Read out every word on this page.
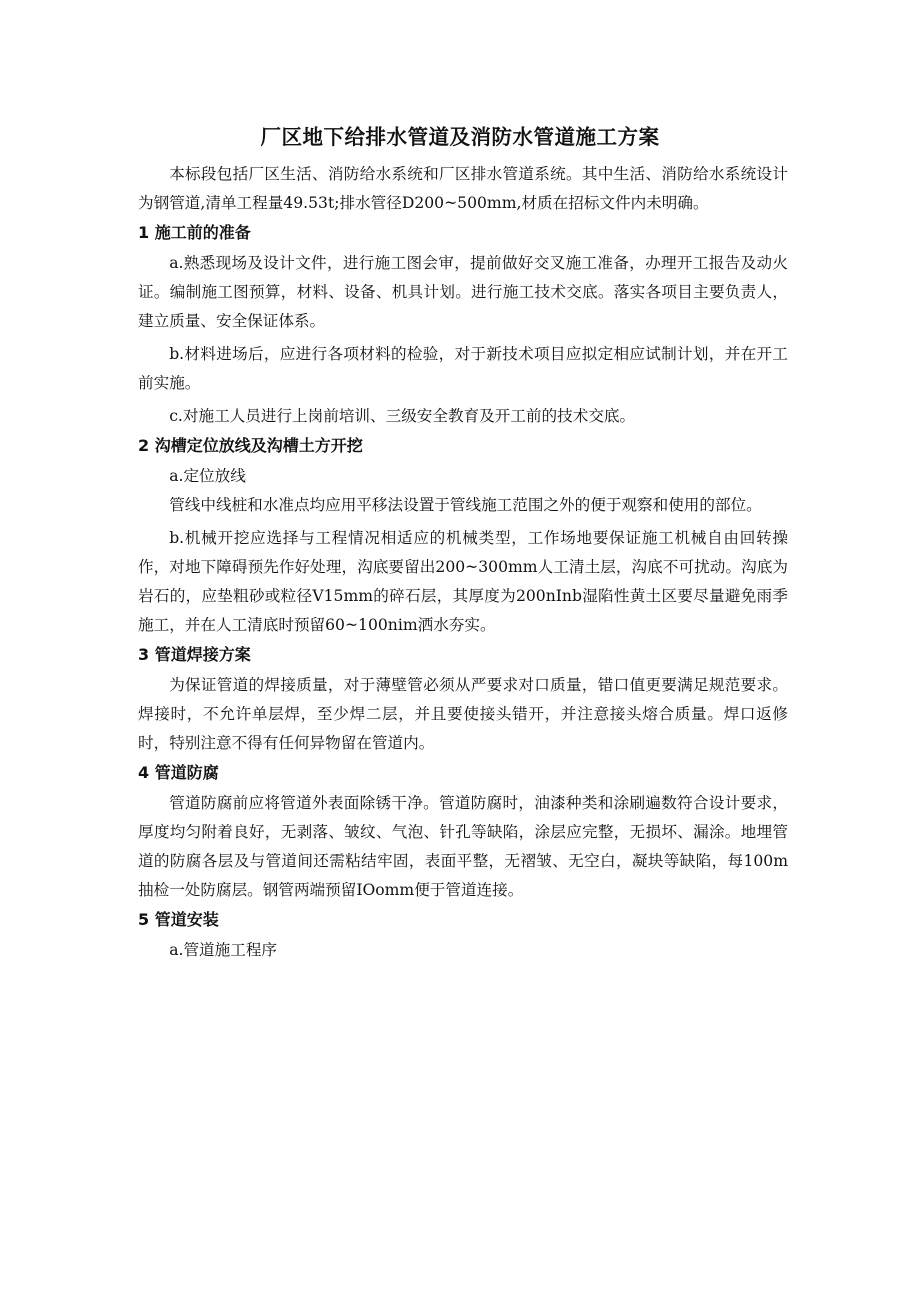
厂区地下给排水管道及消防水管道施工方案

本标段包括厂区生活、消防给水系统和厂区排水管道系统。其中生活、消防给水系统设计为钢管道,清单工程量49.53t;排水管径D200~500mm,材质在招标文件内未明确。

1 施工前的准备

a.熟悉现场及设计文件，进行施工图会审，提前做好交叉施工准备，办理开工报告及动火证。编制施工图预算，材料、设备、机具计划。进行施工技术交底。落实各项目主要负责人，建立质量、安全保证体系。

b.材料进场后，应进行各项材料的检验，对于新技术项目应拟定相应试制计划，并在开工前实施。

c.对施工人员进行上岗前培训、三级安全教育及开工前的技术交底。

2 沟槽定位放线及沟槽土方开挖

a.定位放线

管线中线桩和水准点均应用平移法设置于管线施工范围之外的便于观察和使用的部位。

b.机械开挖应选择与工程情况相适应的机械类型，工作场地要保证施工机械自由回转操作，对地下障碍预先作好处理，沟底要留出200~300mm人工清土层，沟底不可扰动。沟底为岩石的，应垫粗砂或粒径V15mm的碎石层，其厚度为200nInb湿陷性黄土区要尽量避免雨季施工，并在人工清底时预留60~100nim洒水夯实。

3 管道焊接方案

为保证管道的焊接质量，对于薄壁管必须从严要求对口质量，错口值更要满足规范要求。焊接时，不允许单层焊，至少焊二层，并且要使接头错开，并注意接头熔合质量。焊口返修时，特别注意不得有任何异物留在管道内。

4 管道防腐

管道防腐前应将管道外表面除锈干净。管道防腐时，油漆种类和涂刷遍数符合设计要求，厚度均匀附着良好，无剥落、皱纹、气泡、针孔等缺陷，涂层应完整，无损坏、漏涂。地埋管道的防腐各层及与管道间还需粘结牢固，表面平整，无褶皱、无空白，凝块等缺陷，每100m抽检一处防腐层。钢管两端预留IOomm便于管道连接。

5 管道安装

a.管道施工程序
